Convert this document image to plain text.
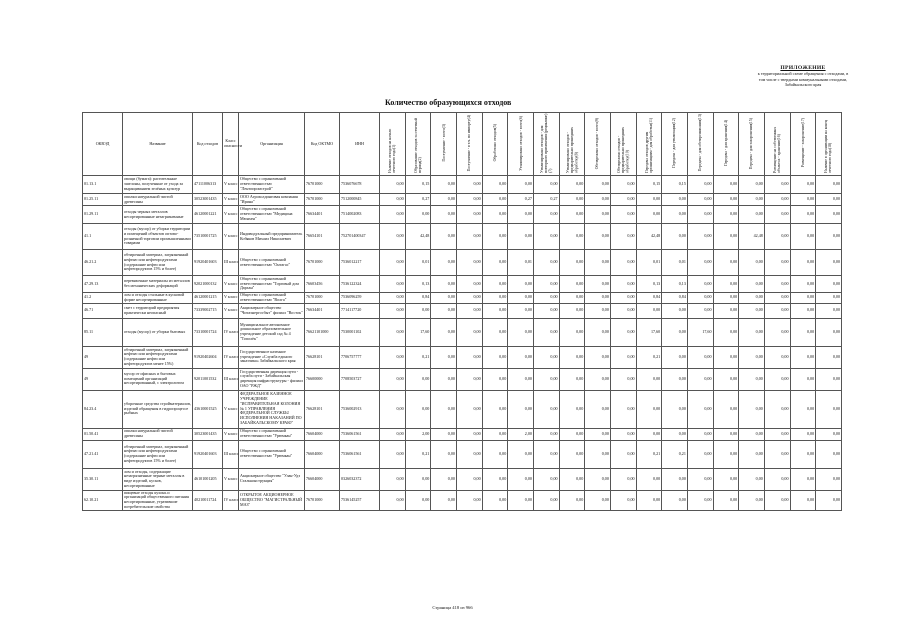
ПРИЛОЖЕНИЕ
к территориальной схеме обращения с отходами, в
том числе с твердыми коммунальными отходами,
Забайкальского края
Количество образующихся отходов
ОКВЭД	Название	Код отходов	Класс опасности	Организация	Код ОКТМО	ИНН	Наличие отходов на начало отчетного года(1)	Образование отходов за отчетный период(2)	Поступление - всего(3)	Поступление - в т.ч. по импорту(4)	Обработано отходов(5)	Утилизировано отходов - всего(6)	Утилизировано отходов - для повторного применения (рециклинг)(7)	Утилизировано отходов - предварительно прошедших обработку(8)	Обезврежено отходов - всего(9)	Обезврежено отходов - предварительно прошедших обработку(10)	Передача отходов другим организациям - для обработки(11)	Передача - для утилизации(12)	Передача - для обезвреживания(13)	Передача - для хранения(14)	Передача - для захоронения(15)	Размещение на собственных объектах - хранение(16)	Размещение - захоронение(17)	Наличие в организации на конец отчетного года(18)
01.13.1	овощи (бумага): растительные эшелоны, полученные от ухода за выращиванием зелёных культур	47111006313	V класс	Общество с ограниченной ответственностью "Лентопромстрой"	76701000	7536076678	0,00	0,15	0,00	0,00	0,00	0,00	0,00	0,00	0,00	0,00	0,15	0,15	0,00	0,00	0,00	0,00	0,00	0,00
01.25.11	опилки натуральной чистой древесины	30523001435	V класс	ООО Агрохолдинговая компания "Ирина"	76701000	7512000845	0,00	0,27	0,00	0,00	0,00	0,27	0,27	0,00	0,00	0,00	0,00	0,00	0,00	0,00	0,00	0,00	0,00	0,00
01.29.11	отходы черных металлов несортированные незагрязненные	46120001221	V класс	Общество с ограниченной ответственностью "Медицина Мюнхен"	76634401	7514002083	0,00	0,00	0,00	0,00	0,00	0,00	0,00	0,00	0,00	0,00	0,00	0,00	0,00	0,00	0,00	0,00	0,00	0,00
41.1	отходы (мусор) от уборки территории и помещений объектов оптово-розничной торговли промышленными товарами	73510001725	V класс	Индивидуальный предприниматель Кобяков Михаил Николаевич	76654101	752701400347	0,00	42,48	0,00	0,00	0,00	0,00	0,00	0,00	0,00	0,00	42,48	0,00	0,00	0,00	42,48	0,00	0,00	0,00
46.21.2	обтирочный материал, загрязненный нефтью или нефтепродуктами (содержание нефти или нефтепродуктов 15% и более)	91920401603	III класс	Общество с ограниченной ответственностью "Онтагас"	76701000	7536012217	0,00	0,01	0,00	0,00	0,00	0,01	0,00	0,00	0,00	0,00	0,01	0,01	0,00	0,00	0,00	0,00	0,00	0,00
47.29.13	перевязочные материалы из металлов без механических деформаций	92021000132	V класс	Общество с ограниченной ответственностью "Торговый дом Дархан"	76603456	7536122324	0,00	0,13	0,00	0,00	0,00	0,00	0,00	0,00	0,00	0,00	0,13	0,13	0,00	0,00	0,00	0,00	0,00	0,00
41.2	лом и отходы стальные в кусковой форме несортированные	46120001215	V класс	Общество с ограниченной ответственностью "Волга"	76701000	7536096259	0,00	0,84	0,00	0,00	0,00	0,00	0,00	0,00	0,00	0,00	0,84	0,84	0,00	0,00	0,00	0,00	0,00	0,00
46.71	смет с территорий предприятия практически неопасный	73339002715	V класс	Акционерное общество "Читаэнергосбыт" филиал "Восток"	76634401	7714117720	0,00	0,00	0,00	0,00	0,00	0,00	0,00	0,00	0,00	0,00	0,00	0,00	0,00	0,00	0,00	0,00	0,00	0,00
85.11	отходы (мусор) от уборки бытовых	73310001724	IV класс	Муниципальное автономное дошкольное образовательное учреждение детский сад № 4 "Тополёк"	76621101000	7530001102	0,00	17,60	0,00	0,00	0,00	0,00	0,00	0,00	0,00	0,00	17,60	0,00	17,60	0,00	0,00	0,00	0,00	0,00
49	обтирочный материал, загрязненный нефтью или нефтепродуктами (содержание нефти или нефтепродуктов менее 15%)	91920402604	IV класс	Государственное казенное учреждение «Служба единого заказчика» Забайкальского края	76628101	7706757777	0,00	0,21	0,00	0,00	0,00	0,00	0,00	0,00	0,00	0,00	0,21	0,00	0,00	0,00	0,00	0,00	0,00	0,00
49	мусор от офисных и бытовых помещений организаций несортированный, с электролитом	92011001532	III класс	Государственная дирекция пути - служба пути - Забайкальская дирекция инфраструктуры - филиал ОАО "РЖД"	76600000	7708503727	0,00	0,00	0,00	0,00	0,00	0,00	0,00	0,00	0,00	0,00	0,00	0,00	0,00	0,00	0,00	0,00	0,00	0,00
84.23.4	уборочные средства стройматериалов, изделий обращения в гидропроцессе рыбных	43610001525	V класс	ФЕДЕРАЛЬНОЕ КАЗЕННОЕ УЧРЕЖДЕНИЕ "ИСПРАВИТЕЛЬНАЯ КОЛОНИЯ № 1 УПРАВЛЕНИЯ ФЕДЕРАЛЬНОЙ СЛУЖБЫ ИСПОЛНЕНИЯ НАКАЗАНИЙ ПО ЗАБАЙКАЛЬСКОМУ КРАЮ"	76628101	7536002913	0,00	0,00	0,00	0,00	0,00	0,00	0,00	0,00	0,00	0,00	0,00	0,00	0,00	0,00	0,00	0,00	0,00	0,00
01.50.41	опилки натуральной чистой древесины	30523001435	V класс	Общество с ограниченной ответственностью "Урюмкан"	76604000	7536061561	0,00	2,00	0,00	0,00	0,00	2,00	0,00	0,00	0,00	0,00	0,00	0,00	0,00	0,00	0,00	0,00	0,00	0,00
47.21.41	обтирочный материал, загрязненный нефтью или нефтепродуктами (содержание нефти или нефтепродуктов 15% и более)	91920401603	III класс	Общество с ограниченной ответственностью "Урюмкан"	76604000	7536061561	0,00	0,21	0,00	0,00	0,00	0,00	0,00	0,00	0,00	0,00	0,21	0,21	0,00	0,00	0,00	0,00	0,00	0,00
35.30.11	лом и отходы, содержащие незагрязненные черные металлы в виде изделий, кусков, несортированные	46101001205	V класс	Акционерное общество "Улан-Удэ Стальконструкция"	76604000	0326032372	0,00	0,00	0,00	0,00	0,00	0,00	0,00	0,00	0,00	0,00	0,00	0,00	0,00	0,00	0,00	0,00	0,00	0,00
62.10.21	пищевые отходы кухонь и организаций общественного питания несортированные, утратившие потребительские свойства	40210011724	IV класс	ОТКРЫТОЕ АКЦИОНЕРНОЕ ОБЩЕСТВО "МАГИСТРАЛЬНЫЙ МАЗ"	76701000	7536145257	0,00	0,00	0,00	0,00	0,00	0,00	0,00	0,00	0,00	0,00	0,00	0,00	0,00	0,00	0,00	0,00	0,00	0,00
Страница 418 из 966
